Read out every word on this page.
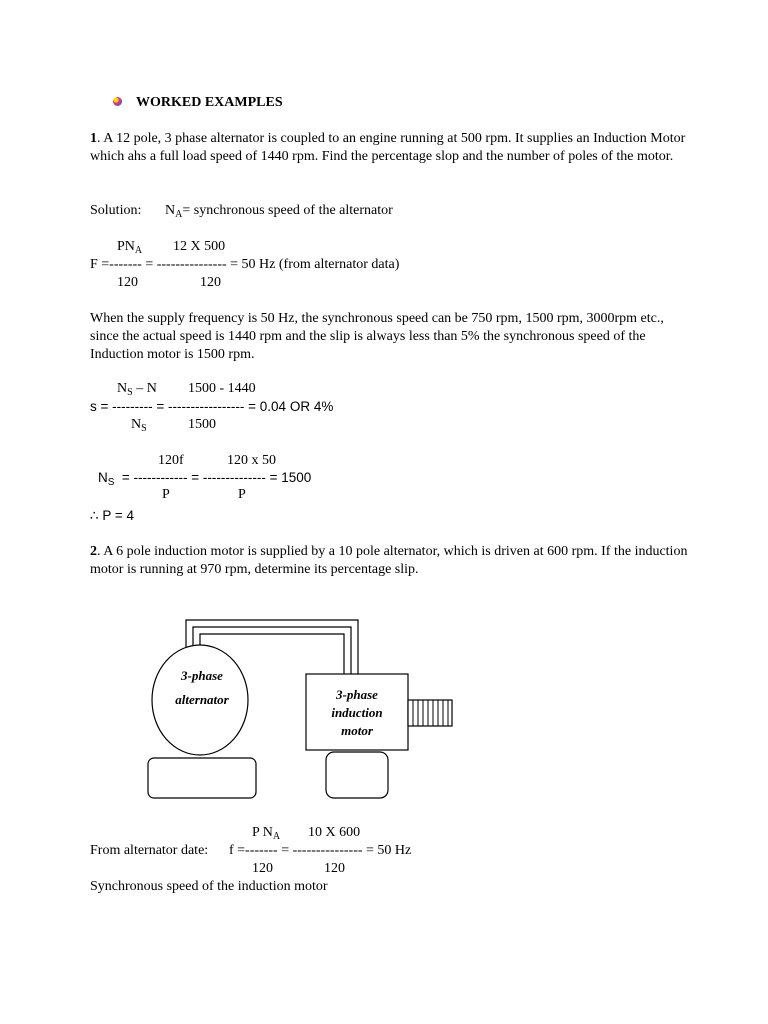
WORKED EXAMPLES
1. A 12 pole, 3 phase alternator is coupled to an engine running at 500 rpm. It supplies an Induction Motor which ahs a full load speed of 1440 rpm. Find the percentage slop and the number of poles of the motor.
Solution: $N_A=$ synchronous speed of the alternator
$PN_A$ 12 X 500
F =------- = --------------- = 50 Hz (from alternator data)
120	120
When the supply frequency is 50 Hz, the synchronous speed can be 750 rpm, 1500 rpm, 3000rpm etc., since the actual speed is 1440 rpm and the slip is always less than 5% the synchronous speed of the Induction motor is 1500 rpm.
$N_S$ – N 1500 - 1440
s = --------- = ----------------- = 0.04 OR 4%
$N_S$	1500
120f	120 x 50
$N_S$  = ------------ = -------------- = 1500
P	P
∴ P = 4
2. A 6 pole induction motor is supplied by a 10 pole alternator, which is driven at 600 rpm. If the induction motor is running at 970 rpm, determine its percentage slip.
3-phase
alternator	3-phase
induction
motor
P $N_A$ 10 X 600
From alternator date: f =------- = --------------- = 50 Hz
120	120
Synchronous speed of the induction motor
